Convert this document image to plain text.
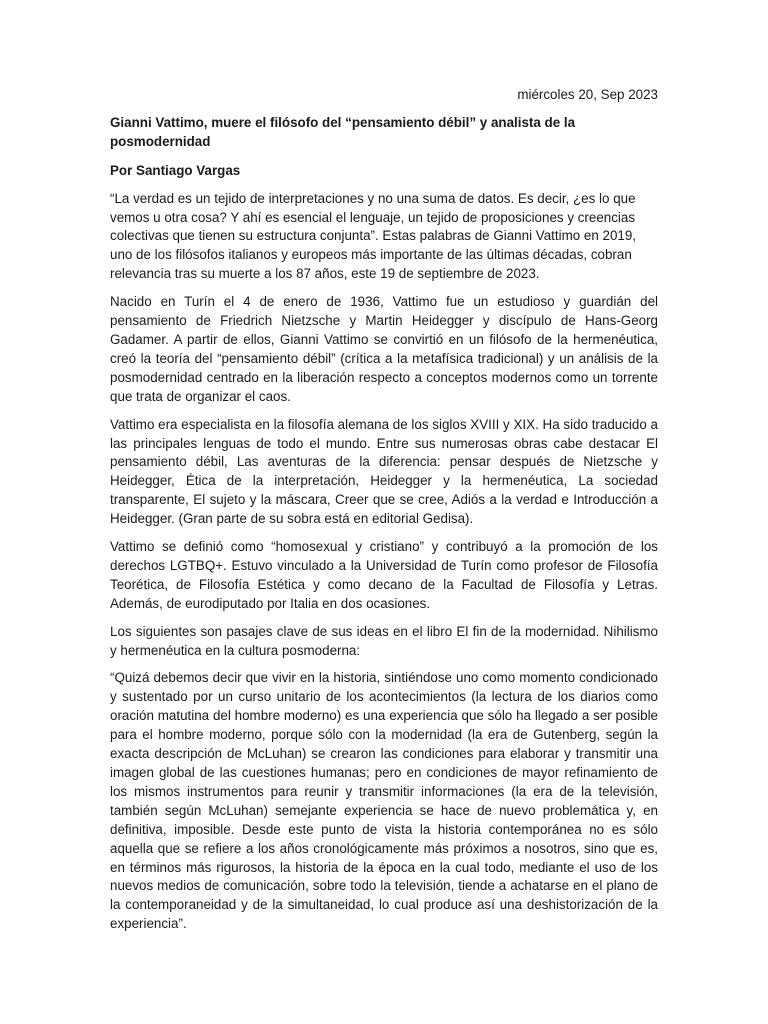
miércoles 20, Sep 2023

Gianni Vattimo, muere el filósofo del “pensamiento débil” y analista de la posmodernidad

Por Santiago Vargas

“La verdad es un tejido de interpretaciones y no una suma de datos. Es decir, ¿es lo que vemos u otra cosa? Y ahí es esencial el lenguaje, un tejido de proposiciones y creencias colectivas que tienen su estructura conjunta”. Estas palabras de Gianni Vattimo en 2019, uno de los filósofos italianos y europeos más importante de las últimas décadas, cobran relevancia tras su muerte a los 87 años, este 19 de septiembre de 2023.

Nacido en Turín el 4 de enero de 1936, Vattimo fue un estudioso y guardián del pensamiento de Friedrich Nietzsche y Martin Heidegger y discípulo de Hans-Georg Gadamer. A partir de ellos, Gianni Vattimo se convirtió en un filósofo de la hermenéutica, creó la teoría del “pensamiento débil” (crítica a la metafísica tradicional) y un análisis de la posmodernidad centrado en la liberación respecto a conceptos modernos como un torrente que trata de organizar el caos.

Vattimo era especialista en la filosofía alemana de los siglos XVIII y XIX. Ha sido traducido a las principales lenguas de todo el mundo. Entre sus numerosas obras cabe destacar El pensamiento débil, Las aventuras de la diferencia: pensar después de Nietzsche y Heidegger, Ética de la interpretación, Heidegger y la hermenéutica, La sociedad transparente, El sujeto y la máscara, Creer que se cree, Adiós a la verdad e Introducción a Heidegger. (Gran parte de su sobra está en editorial Gedisa).

Vattimo se definió como “homosexual y cristiano” y contribuyó a la promoción de los derechos LGTBQ+. Estuvo vinculado a la Universidad de Turín como profesor de Filosofía Teorética, de Filosofía Estética y como decano de la Facultad de Filosofía y Letras. Además, de eurodiputado por Italia en dos ocasiones.

Los siguientes son pasajes clave de sus ideas en el libro El fin de la modernidad. Nihilismo y hermenéutica en la cultura posmoderna:

“Quizá debemos decir que vivir en la historia, sintiéndose uno como momento condicionado y sustentado por un curso unitario de los acontecimientos (la lectura de los diarios como oración matutina del hombre moderno) es una experiencia que sólo ha llegado a ser posible para el hombre moderno, porque sólo con la modernidad (la era de Gutenberg, según la exacta descripción de McLuhan) se crearon las condiciones para elaborar y transmitir una imagen global de las cuestiones humanas; pero en condiciones de mayor refinamiento de los mismos instrumentos para reunir y transmitir informaciones (la era de la televisión, también según McLuhan) semejante experiencia se hace de nuevo problemática y, en definitiva, imposible. Desde este punto de vista la historia contemporánea no es sólo aquella que se refiere a los años cronológicamente más próximos a nosotros, sino que es, en términos más rigurosos, la historia de la época en la cual todo, mediante el uso de los nuevos medios de comunicación, sobre todo la televisión, tiende a achatarse en el plano de la contemporaneidad y de la simultaneidad, lo cual produce así una deshistorización de la experiencia”.
